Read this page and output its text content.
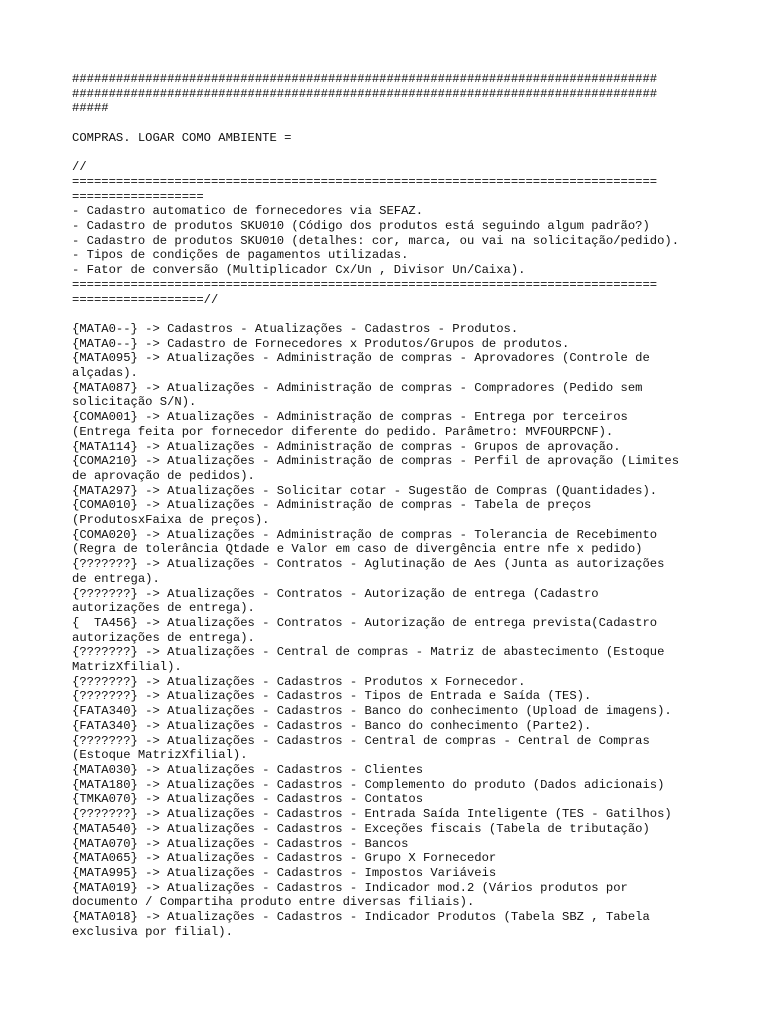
################################################################################
################################################################################
#####
COMPRAS. LOGAR COMO AMBIENTE =
//
================================================================================
==================
- Cadastro automatico de fornecedores via SEFAZ.
- Cadastro de produtos SKU010 (Código dos produtos está seguindo algum padrão?)
- Cadastro de produtos SKU010 (detalhes: cor, marca, ou vai na solicitação/pedido).
- Tipos de condições de pagamentos utilizadas.
- Fator de conversão (Multiplicador Cx/Un , Divisor Un/Caixa).
================================================================================
==================//
{MATA0--} -> Cadastros - Atualizações - Cadastros - Produtos.
{MATA0--} -> Cadastro de Fornecedores x Produtos/Grupos de produtos.
{MATA095} -> Atualizações - Administração de compras - Aprovadores (Controle de
alçadas).
{MATA087} -> Atualizações - Administração de compras - Compradores (Pedido sem
solicitação S/N).
{COMA001} -> Atualizações - Administração de compras - Entrega por terceiros
(Entrega feita por fornecedor diferente do pedido. Parâmetro: MVFOURPCNF).
{MATA114} -> Atualizações - Administração de compras - Grupos de aprovação.
{COMA210} -> Atualizações - Administração de compras - Perfil de aprovação (Limites
de aprovação de pedidos).
{MATA297} -> Atualizações - Solicitar cotar - Sugestão de Compras (Quantidades).
{COMA010} -> Atualizações - Administração de compras - Tabela de preços
(ProdutosxFaixa de preços).
{COMA020} -> Atualizações - Administração de compras - Tolerancia de Recebimento
(Regra de tolerância Qtdade e Valor em caso de divergência entre nfe x pedido)
{???????} -> Atualizações - Contratos - Aglutinação de Aes (Junta as autorizações
de entrega).
{???????} -> Atualizações - Contratos - Autorização de entrega (Cadastro
autorizações de entrega).
{  TA456} -> Atualizações - Contratos - Autorização de entrega prevista(Cadastro
autorizações de entrega).
{???????} -> Atualizações - Central de compras - Matriz de abastecimento (Estoque
MatrizXfilial).
{???????} -> Atualizações - Cadastros - Produtos x Fornecedor.
{???????} -> Atualizações - Cadastros - Tipos de Entrada e Saída (TES).
{FATA340} -> Atualizações - Cadastros - Banco do conhecimento (Upload de imagens).
{FATA340} -> Atualizações - Cadastros - Banco do conhecimento (Parte2).
{???????} -> Atualizações - Cadastros - Central de compras - Central de Compras
(Estoque MatrizXfilial).
{MATA030} -> Atualizações - Cadastros - Clientes
{MATA180} -> Atualizações - Cadastros - Complemento do produto (Dados adicionais)
{TMKA070} -> Atualizações - Cadastros - Contatos
{???????} -> Atualizações - Cadastros - Entrada Saída Inteligente (TES - Gatilhos)
{MATA540} -> Atualizações - Cadastros - Exceções fiscais (Tabela de tributação)
{MATA070} -> Atualizações - Cadastros - Bancos
{MATA065} -> Atualizações - Cadastros - Grupo X Fornecedor
{MATA995} -> Atualizações - Cadastros - Impostos Variáveis
{MATA019} -> Atualizações - Cadastros - Indicador mod.2 (Vários produtos por
documento / Compartiha produto entre diversas filiais).
{MATA018} -> Atualizações - Cadastros - Indicador Produtos (Tabela SBZ , Tabela
exclusiva por filial).
